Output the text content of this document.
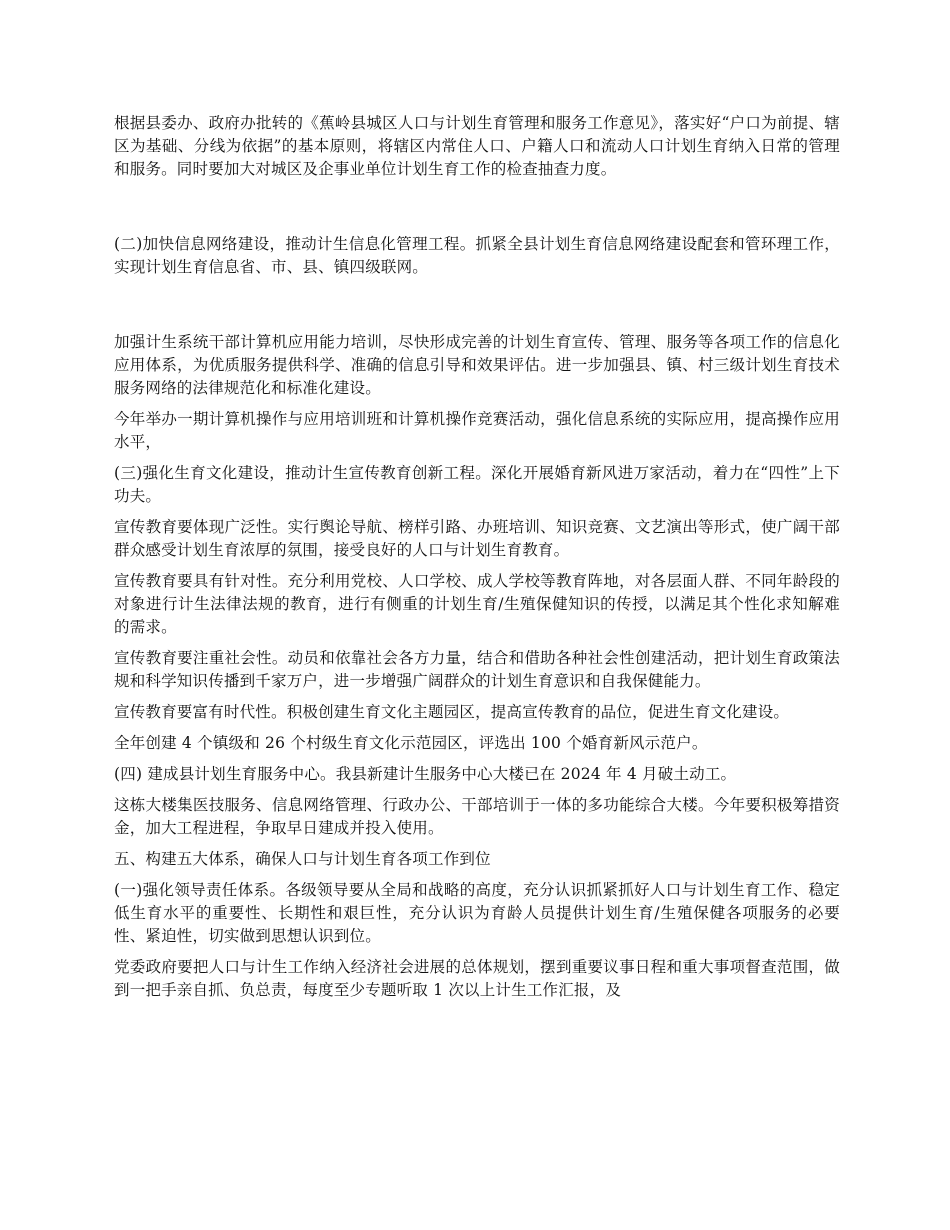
根据县委办、政府办批转的《蕉岭县城区人口与计划生育管理和服务工作意见》，落实好“户口为前提、辖区为基础、分线为依据”的基本原则，将辖区内常住人口、户籍人口和流动人口计划生育纳入日常的管理和服务。同时要加大对城区及企事业单位计划生育工作的检查抽查力度。

(二)加快信息网络建设，推动计生信息化管理工程。抓紧全县计划生育信息网络建设配套和管环理工作，实现计划生育信息省、市、县、镇四级联网。

加强计生系统干部计算机应用能力培训，尽快形成完善的计划生育宣传、管理、服务等各项工作的信息化应用体系，为优质服务提供科学、准确的信息引导和效果评估。进一步加强县、镇、村三级计划生育技术服务网络的法律规范化和标准化建设。

今年举办一期计算机操作与应用培训班和计算机操作竞赛活动，强化信息系统的实际应用，提高操作应用水平，

(三)强化生育文化建设，推动计生宣传教育创新工程。深化开展婚育新风进万家活动，着力在“四性”上下功夫。

宣传教育要体现广泛性。实行舆论导航、榜样引路、办班培训、知识竞赛、文艺演出等形式，使广阔干部群众感受计划生育浓厚的氛围，接受良好的人口与计划生育教育。

宣传教育要具有针对性。充分利用党校、人口学校、成人学校等教育阵地，对各层面人群、不同年龄段的对象进行计生法律法规的教育，进行有侧重的计划生育/生殖保健知识的传授，以满足其个性化求知解难的需求。

宣传教育要注重社会性。动员和依靠社会各方力量，结合和借助各种社会性创建活动，把计划生育政策法规和科学知识传播到千家万户，进一步增强广阔群众的计划生育意识和自我保健能力。

宣传教育要富有时代性。积极创建生育文化主题园区，提高宣传教育的品位，促进生育文化建设。

全年创建 4 个镇级和 26 个村级生育文化示范园区，评选出 100 个婚育新风示范户。

(四) 建成县计划生育服务中心。我县新建计生服务中心大楼已在 2024 年 4 月破土动工。

这栋大楼集医技服务、信息网络管理、行政办公、干部培训于一体的多功能综合大楼。今年要积极筹措资金，加大工程进程，争取早日建成并投入使用。

五、构建五大体系，确保人口与计划生育各项工作到位

(一)强化领导责任体系。各级领导要从全局和战略的高度，充分认识抓紧抓好人口与计划生育工作、稳定低生育水平的重要性、长期性和艰巨性，充分认识为育龄人员提供计划生育/生殖保健各项服务的必要性、紧迫性，切实做到思想认识到位。

党委政府要把人口与计生工作纳入经济社会进展的总体规划，摆到重要议事日程和重大事项督查范围，做到一把手亲自抓、负总责，每度至少专题听取 1 次以上计生工作汇报，及
